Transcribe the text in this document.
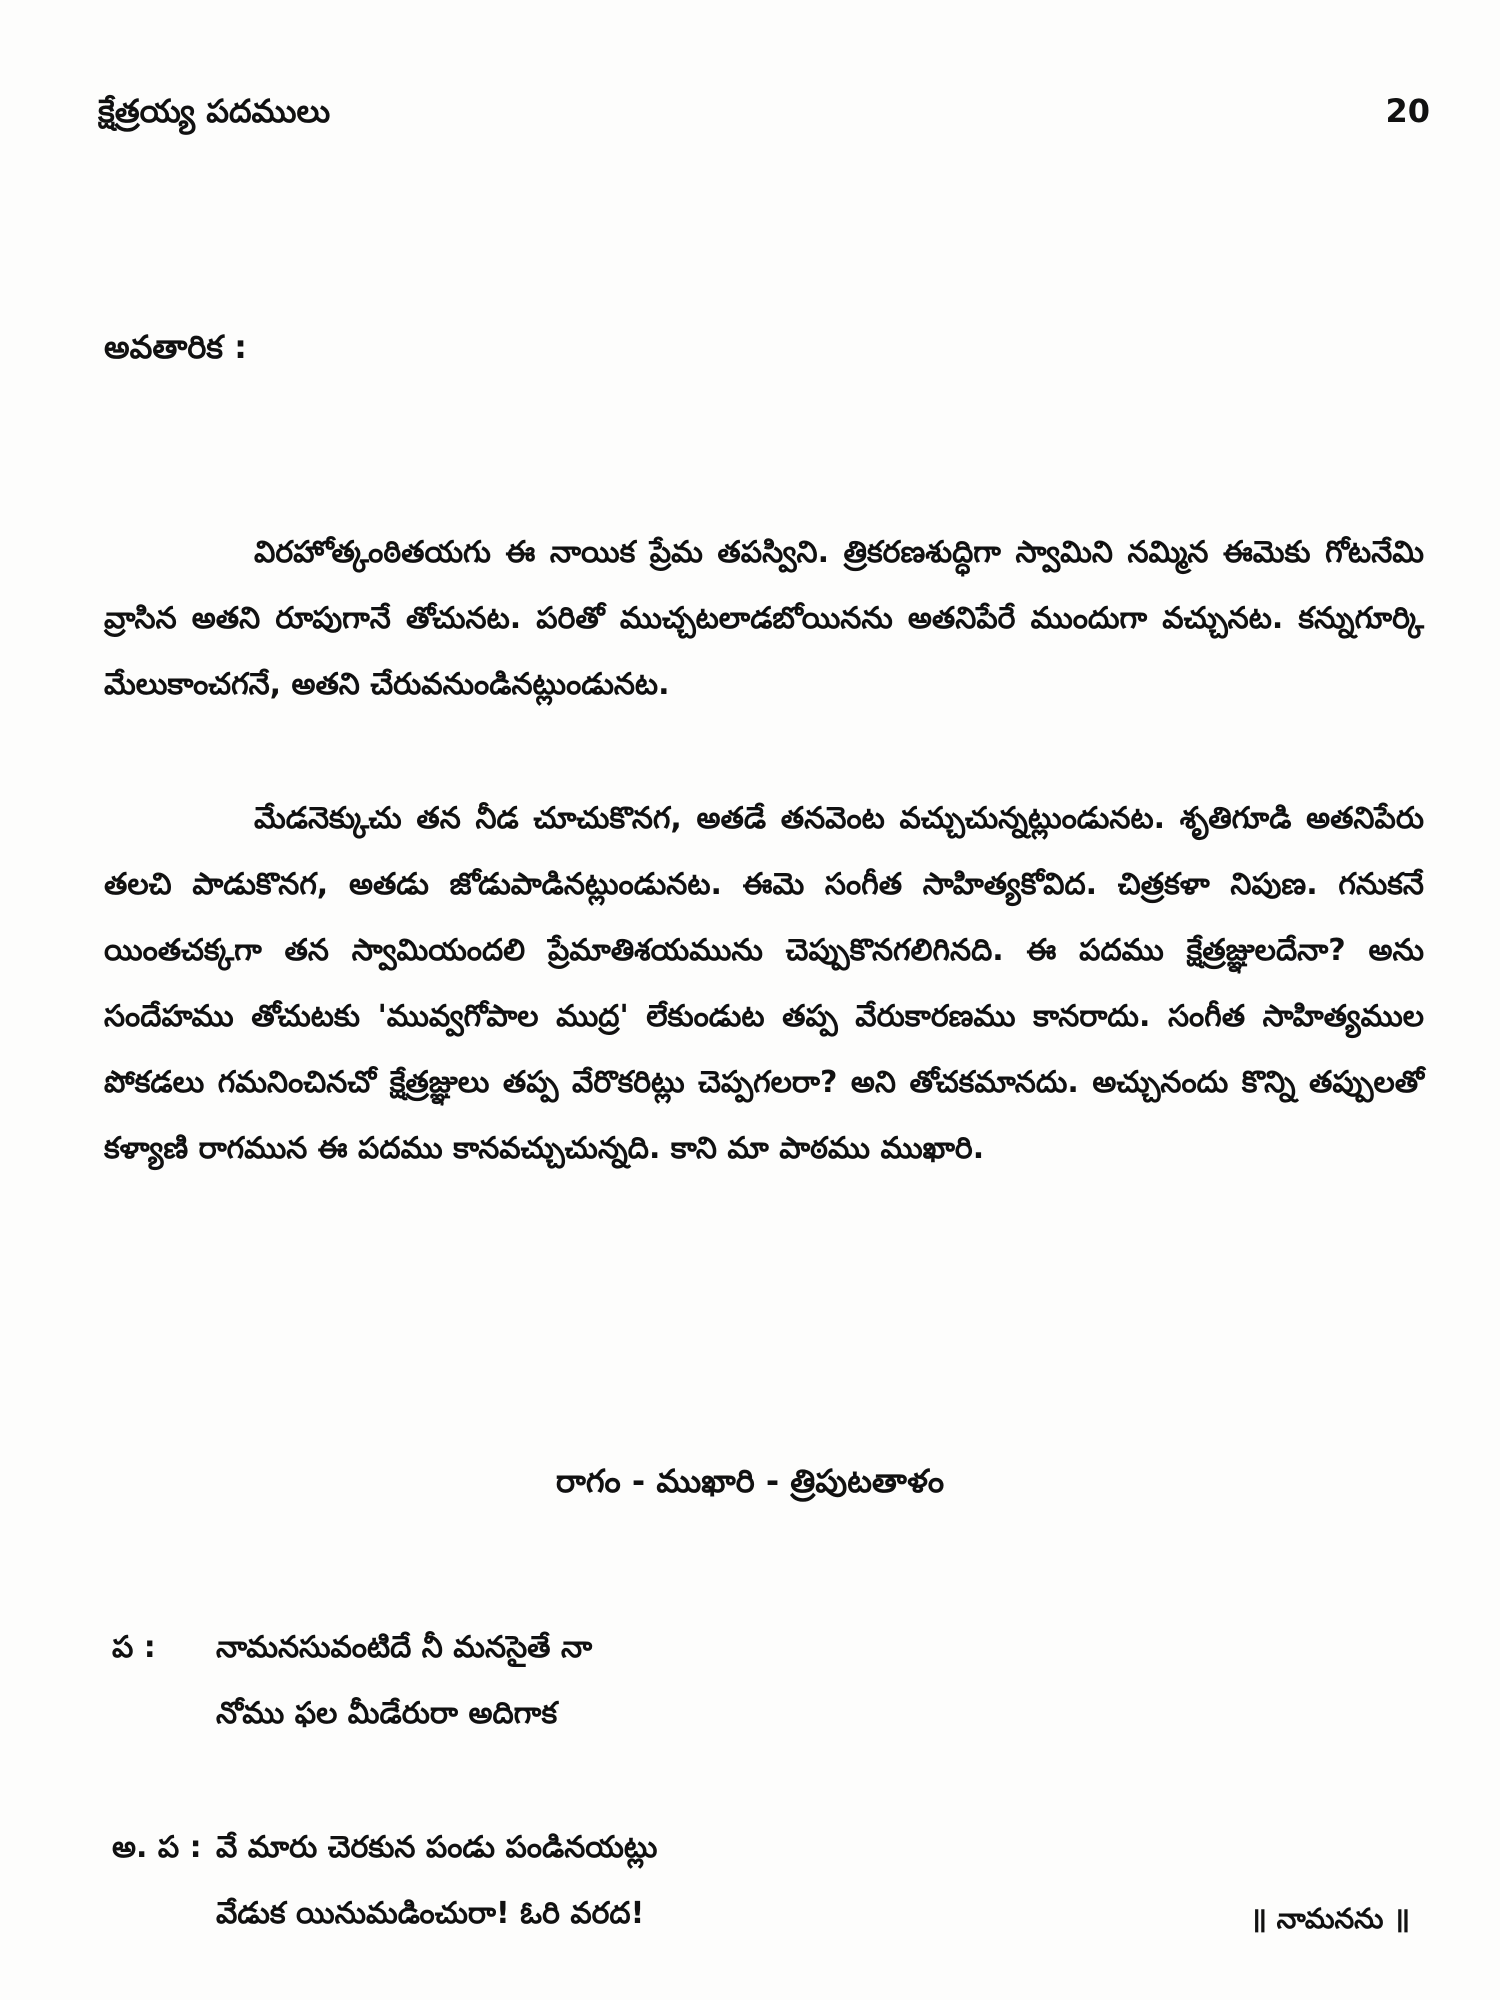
క్షేత్రయ్య పదములు	20
అవతారిక :

విరహోత్కంఠితయగు ఈ నాయిక ప్రేమ తపస్విని. త్రికరణశుద్ధిగా స్వామిని నమ్మిన ఈమెకు గోటనేమి వ్రాసిన అతని రూపుగానే తోచునట. పరితో ముచ్చటలాడబోయినను అతనిపేరే ముందుగా వచ్చునట. కన్నుగూర్కి మేలుకాంచగనే, అతని చేరువనుండినట్లుండునట.

మేడనెక్కుచు తన నీడ చూచుకొనగ, అతడే తనవెంట వచ్చుచున్నట్లుండునట. శృతిగూడి అతనిపేరు తలచి పాడుకొనగ, అతడు జోడుపాడినట్లుండునట. ఈమె సంగీత సాహిత్యకోవిద. చిత్రకళా నిపుణ. గనుకనే యింతచక్కగా తన స్వామియందలి ప్రేమాతిశయమును చెప్పుకొనగలిగినది. ఈ పదము క్షేత్రజ్ఞులదేనా? అను సందేహము తోచుటకు 'మువ్వగోపాల ముద్ర' లేకుండుట తప్ప వేరుకారణము కానరాదు. సంగీత సాహిత్యముల పోకడలు గమనించినచో క్షేత్రజ్ఞులు తప్ప వేరొకరిట్లు చెప్పగలరా? అని తోచకమానదు. అచ్చునందు కొన్ని తప్పులతో కళ్యాణి రాగమున ఈ పదము కానవచ్చుచున్నది. కాని మా పాఠము ముఖారి.

రాగం - ముఖారి - త్రిపుటతాళం
ప :	నామనసువంటిదే నీ మనసైతే నా
నోము ఫల మీడేరురా అదిగాక
అ. ప : వే మారు చెరకున పండు పండినయట్లు
వేడుక యినుమడించురా! ఓరి వరద!	॥ నామనను ॥
